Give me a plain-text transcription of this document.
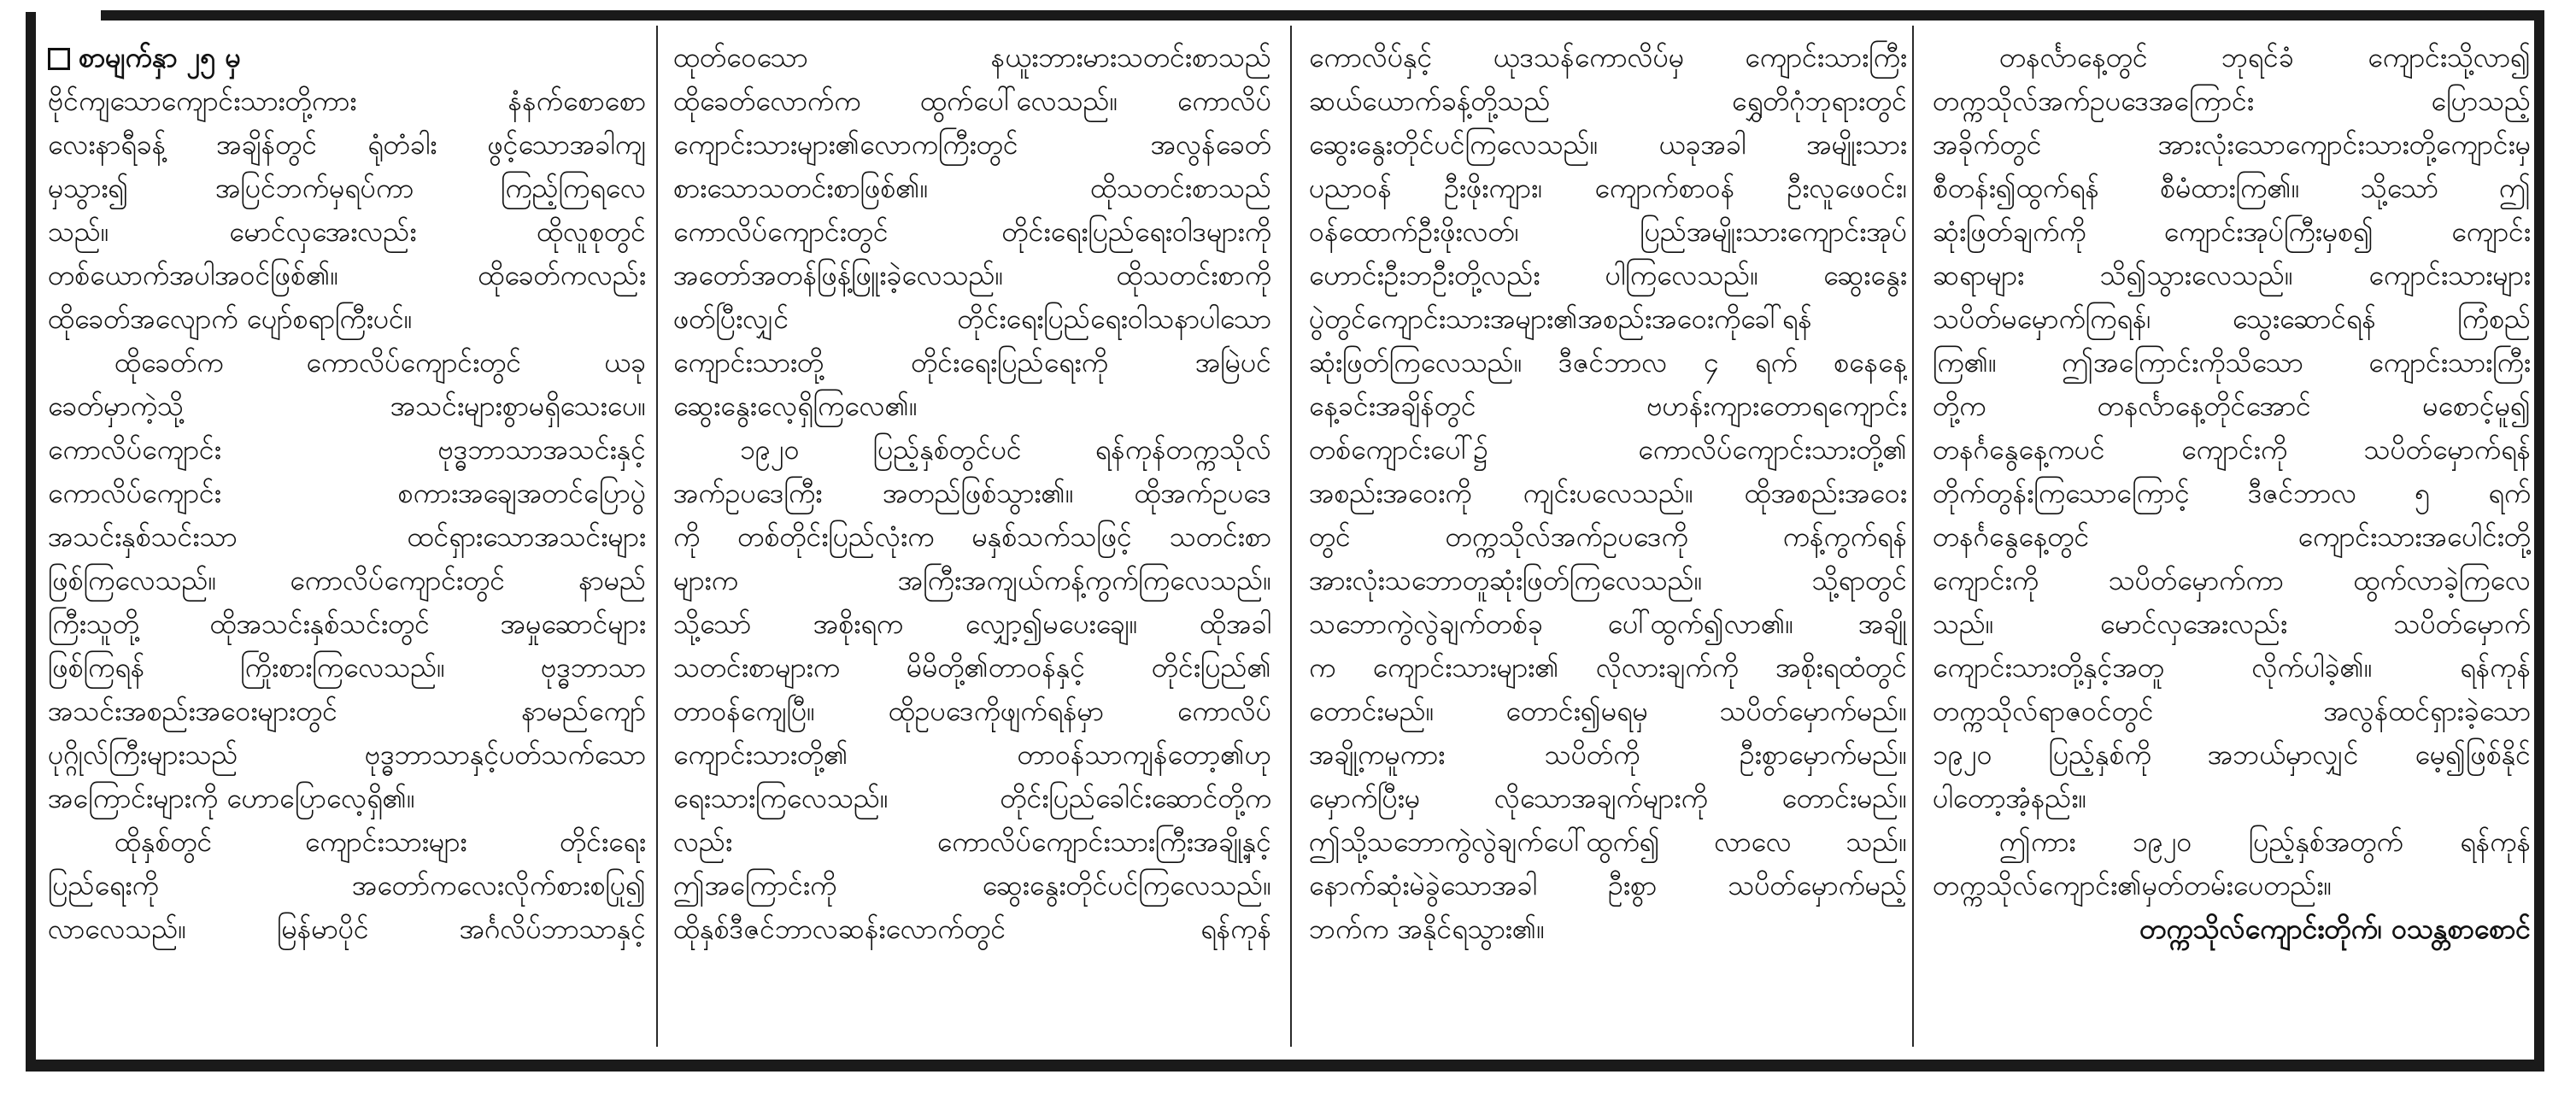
စာမျက်နှာ ၂၅ မှ
ဗိုင်ကျသောကျောင်းသားတို့ကား နံနက်စောစော
လေးနာရီခန့် အချိန်တွင် ရုံတံခါး ဖွင့်သောအခါကျ
မှသွား၍ အပြင်ဘက်မှရပ်ကာ ကြည့်ကြရလေ
သည်။ မောင်လှအေးလည်း ထိုလူစုတွင်
တစ်ယောက်အပါအဝင်ဖြစ်၏။ ထိုခေတ်ကလည်း
ထိုခေတ်အလျောက် ပျော်စရာကြီးပင်။
ထိုခေတ်က ကောလိပ်ကျောင်းတွင် ယခု
ခေတ်မှာကဲ့သို့ အသင်းများစွာမရှိသေးပေ။
ကောလိပ်ကျောင်း ဗုဒ္ဓဘာသာအသင်းနှင့်
ကောလိပ်ကျောင်း စကားအချေအတင်ပြောပွဲ
အသင်းနှစ်သင်းသာ ထင်ရှားသောအသင်းများ
ဖြစ်ကြလေသည်။ ကောလိပ်ကျောင်းတွင် နာမည်
ကြီးသူတို့ ထိုအသင်းနှစ်သင်းတွင် အမှုဆောင်များ
ဖြစ်ကြရန် ကြိုးစားကြလေသည်။ ဗုဒ္ဓဘာသာ
အသင်းအစည်းအဝေးများတွင် နာမည်ကျော်
ပုဂ္ဂိုလ်ကြီးများသည် ဗုဒ္ဓဘာသာနှင့်ပတ်သက်သော
အကြောင်းများကို ဟောပြောလေ့ရှိ၏။
ထိုနှစ်တွင် ကျောင်းသားများ တိုင်းရေး
ပြည်ရေးကို အတော်ကလေးလိုက်စားစပြု၍
လာလေသည်။ မြန်မာပိုင် အင်္ဂလိပ်ဘာသာနှင့်
ထုတ်ဝေသော နယူးဘားမားသတင်းစာသည်
ထိုခေတ်လောက်က ထွက်ပေါ်လေသည်။ ကောလိပ်
ကျောင်းသားများ၏လောကကြီးတွင် အလွန်ခေတ်
စားသောသတင်းစာဖြစ်၏။ ထိုသတင်းစာသည်
ကောလိပ်ကျောင်းတွင် တိုင်းရေးပြည်ရေးဝါဒများကို
အတော်အတန်ဖြန့်ဖြူးခဲ့လေသည်။ ထိုသတင်းစာကို
ဖတ်ပြီးလျှင် တိုင်းရေးပြည်ရေးဝါသနာပါသော
ကျောင်းသားတို့ တိုင်းရေးပြည်ရေးကို အမြဲပင်
ဆွေးနွေးလေ့ရှိကြလေ၏။
၁၉၂၀ ပြည့်နှစ်တွင်ပင် ရန်ကုန်တက္ကသိုလ်
အက်ဥပဒေကြီး အတည်ဖြစ်သွား၏။ ထိုအက်ဥပဒေ
ကို တစ်တိုင်းပြည်လုံးက မနှစ်သက်သဖြင့် သတင်းစာ
များက အကြီးအကျယ်ကန့်ကွက်ကြလေသည်။
သို့သော် အစိုးရက လျှော့၍မပေးချေ။ ထိုအခါ
သတင်းစာများက မိမိတို့၏တာဝန်နှင့် တိုင်းပြည်၏
တာဝန်ကျေပြီ။ ထိုဥပဒေကိုဖျက်ရန်မှာ ကောလိပ်
ကျောင်းသားတို့၏ တာဝန်သာကျန်တော့၏ဟု
ရေးသားကြလေသည်။ တိုင်းပြည်ခေါင်းဆောင်တို့က
လည်း ကောလိပ်ကျောင်းသားကြီးအချို့နှင့်
ဤအကြောင်းကို ဆွေးနွေးတိုင်ပင်ကြလေသည်။
ထိုနှစ်ဒီဇင်ဘာလဆန်းလောက်တွင် ရန်ကုန်
ကောလိပ်နှင့် ယုဒသန်ကောလိပ်မှ ကျောင်းသားကြီး
ဆယ်ယောက်ခန့်တို့သည် ရွှေတိဂုံဘုရားတွင်
ဆွေးနွေးတိုင်ပင်ကြလေသည်။ ယခုအခါ အမျိုးသား
ပညာဝန် ဦးဖိုးကျား၊ ကျောက်စာဝန် ဦးလူဖေဝင်း၊
ဝန်ထောက်ဦးဖိုးလတ်၊ ပြည်အမျိုးသားကျောင်းအုပ်
ဟောင်းဦးဘဦးတို့လည်း ပါကြလေသည်။ ဆွေးနွေး
ပွဲတွင်ကျောင်းသားအများ၏အစည်းအဝေးကိုခေါ်ရန်
ဆုံးဖြတ်ကြလေသည်။ ဒီဇင်ဘာလ ၄ ရက် စနေနေ့
နေ့ခင်းအချိန်တွင် ဗဟန်းကျားတောရကျောင်း
တစ်ကျောင်းပေါ်၌ ကောလိပ်ကျောင်းသားတို့၏
အစည်းအဝေးကို ကျင်းပလေသည်။ ထိုအစည်းအဝေး
တွင် တက္ကသိုလ်အက်ဥပဒေကို ကန့်ကွက်ရန်
အားလုံးသဘောတူဆုံးဖြတ်ကြလေသည်။ သို့ရာတွင်
သဘောကွဲလွဲချက်တစ်ခု ပေါ်ထွက်၍လာ၏။ အချို့
က ကျောင်းသားများ၏ လိုလားချက်ကို အစိုးရထံတွင်
တောင်းမည်။ တောင်း၍မရမှ သပိတ်မှောက်မည်။
အချို့ကမူကား သပိတ်ကို ဦးစွာမှောက်မည်။
မှောက်ပြီးမှ လိုသောအချက်များကို တောင်းမည်။
ဤသို့သဘောကွဲလွဲချက်ပေါ်ထွက်၍ လာလေ သည်။
နောက်ဆုံးမဲခွဲသောအခါ ဦးစွာ သပိတ်မှောက်မည့်
ဘက်က အနိုင်ရသွား၏။
တနင်္လာနေ့တွင် ဘုရင်ခံ ကျောင်းသို့လာ၍
တက္ကသိုလ်အက်ဥပဒေအကြောင်း ပြောသည့်
အခိုက်တွင် အားလုံးသောကျောင်းသားတို့ကျောင်းမှ
စီတန်း၍ထွက်ရန် စီမံထားကြ၏။ သို့သော် ဤ
ဆုံးဖြတ်ချက်ကို ကျောင်းအုပ်ကြီးမှစ၍ ကျောင်း
ဆရာများ သိ၍သွားလေသည်။ ကျောင်းသားများ
သပိတ်မမှောက်ကြရန်၊ သွေးဆောင်ရန် ကြံစည်
ကြ၏။ ဤအကြောင်းကိုသိသော ကျောင်းသားကြီး
တို့က တနင်္လာနေ့တိုင်အောင် မစောင့်မူ၍
တနင်္ဂနွေနေ့ကပင် ကျောင်းကို သပိတ်မှောက်ရန်
တိုက်တွန်းကြသောကြောင့် ဒီဇင်ဘာလ ၅ ရက်
တနင်္ဂနွေနေ့တွင် ကျောင်းသားအပေါင်းတို့
ကျောင်းကို သပိတ်မှောက်ကာ ထွက်လာခဲ့ကြလေ
သည်။ မောင်လှအေးလည်း သပိတ်မှောက်
ကျောင်းသားတို့နှင့်အတူ လိုက်ပါခဲ့၏။ ရန်ကုန်
တက္ကသိုလ်ရာဇဝင်တွင် အလွန်ထင်ရှားခဲ့သော
၁၉၂၀ ပြည့်နှစ်ကို အဘယ်မှာလျှင် မေ့၍ဖြစ်နိုင်
ပါတော့အံ့နည်း။
ဤကား ၁၉၂၀ ပြည့်နှစ်အတွက် ရန်ကုန်
တက္ကသိုလ်ကျောင်း၏မှတ်တမ်းပေတည်း။
တက္ကသိုလ်ကျောင်းတိုက်၊ ဝသန္တစာစောင်
